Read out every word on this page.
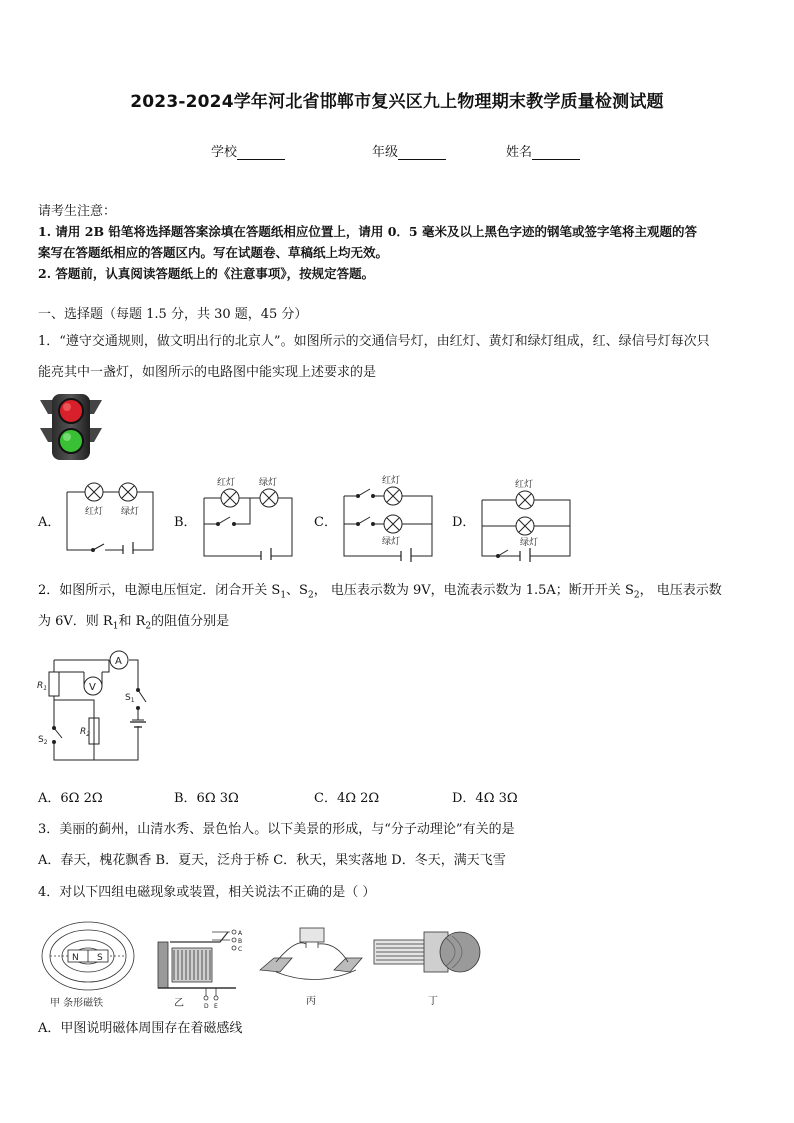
2023-2024学年河北省邯郸市复兴区九上物理期末教学质量检测试题
学校	年级	姓名
请考生注意：
1. 请用 2B 铅笔将选择题答案涂填在答题纸相应位置上，请用 0．5 毫米及以上黑色字迹的钢笔或签字笔将主观题的答
案写在答题纸相应的答题区内。写在试题卷、草稿纸上均无效。
2. 答题前，认真阅读答题纸上的《注意事项》，按规定答题。
一、选择题（每题 1.5 分，共 30 题，45 分）
1．“遵守交通规则，做文明出行的北京人”。如图所示的交通信号灯，由红灯、黄灯和绿灯组成，红、绿信号灯每次只
能亮其中一盏灯，如图所示的电路图中能实现上述要求的是
A．	B．	C．	D．
红灯 绿灯
红灯	绿灯	红灯
绿灯
红灯
绿灯
2．如图所示，电源电压恒定．闭合开关 $S_1$、$S_2$， 电压表示数为 9V，电流表示数为 1.5A；断开开关 $S_2$， 电压表示数
为 6V．则 $R_1$和 $R_2$的阻值分别是
A
V
$R_1$
$R_2$
$S_1$
$S_2$
A．6Ω 2Ω	B．6Ω 3Ω	C．4Ω 2Ω	D．4Ω 3Ω
3．美丽的蓟州，山清水秀、景色怡人。以下美景的形成，与“分子动理论”有关的是
A．春天，槐花飘香 B．夏天，泛舟于桥 C．秋天，果实落地 D．冬天，满天飞雪
4．对以下四组电磁现象或装置，相关说法不正确的是（ ）
N S
甲 条形磁铁
A
B
C
D E
乙	丙	丁
A．甲图说明磁体周围存在着磁感线
